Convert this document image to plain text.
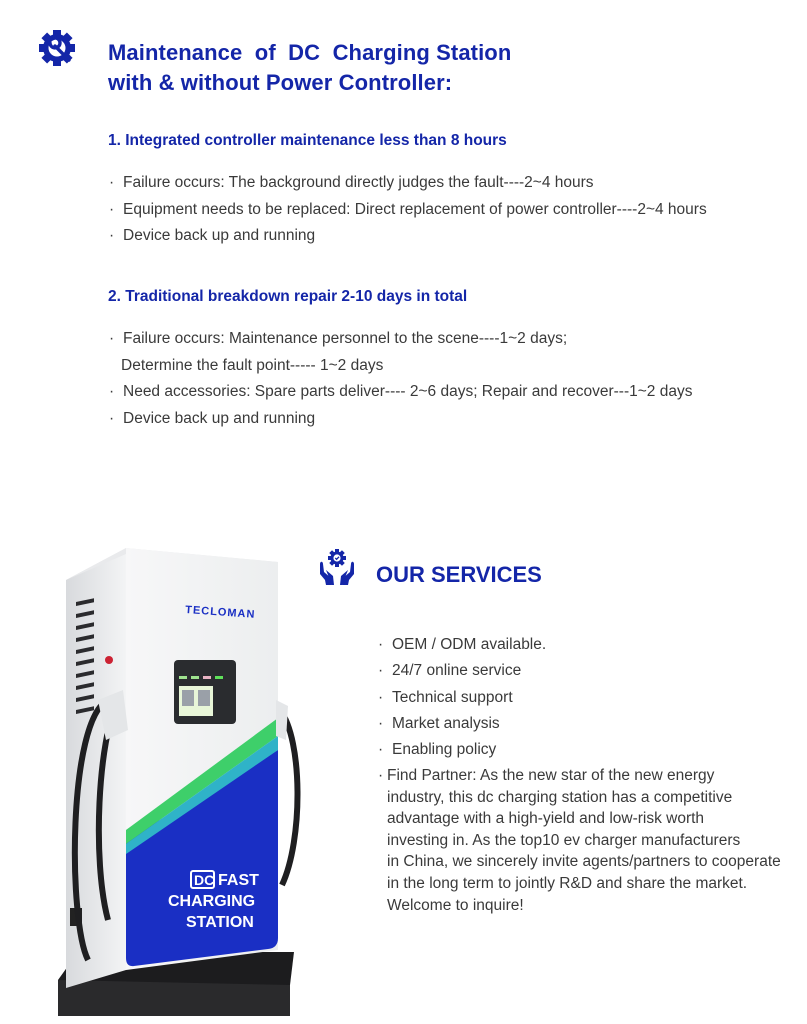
Maintenance  of  DC  Charging Station
with & without Power Controller:
1. Integrated controller maintenance less than 8 hours
· Failure occurs: The background directly judges the fault----2~4 hours
· Equipment needs to be replaced: Direct replacement of power controller----2~4 hours
· Device back up and running
2. Traditional breakdown repair 2-10 days in total
· Failure occurs: Maintenance personnel to the scene----1~2 days;
Determine the fault point----- 1~2 days
· Need accessories: Spare parts deliver---- 2~6 days; Repair and recover---1~2 days
· Device back up and running
OUR SERVICES
· OEM / ODM available.
· 24/7 online service
· Technical support
· Market analysis
· Enabling policy
· Find Partner: As the new star of the new energy
industry, this dc charging station has a competitive
advantage with a high-yield and low-risk worth
investing in. As the top10 ev charger manufacturers
in China, we sincerely invite agents/partners to cooperate
in the long term to jointly R&D and share the market.
Welcome to inquire!
TECLOMAN
DC FAST
CHARGING
STATION
